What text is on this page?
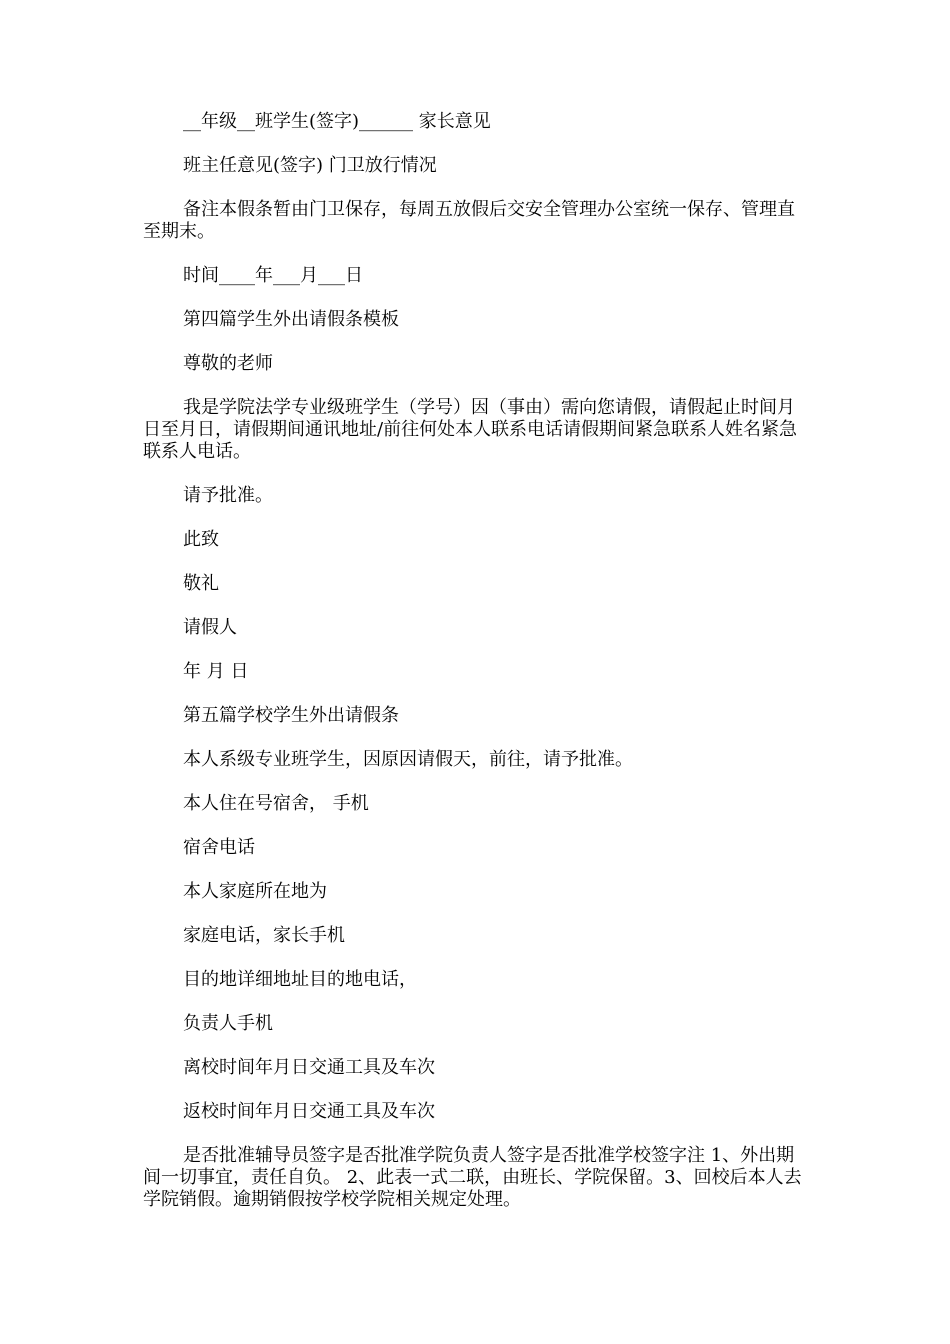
__年级__班学生(签字)______ 家长意见

班主任意见(签字) 门卫放行情况

备注本假条暂由门卫保存，每周五放假后交安全管理办公室统一保存、管理直至期末。

时间____年___月___日

第四篇学生外出请假条模板

尊敬的老师

我是学院法学专业级班学生（学号）因（事由）需向您请假，请假起止时间月日至月日，请假期间通讯地址/前往何处本人联系电话请假期间紧急联系人姓名紧急联系人电话。

请予批准。

此致

敬礼

请假人

年 月 日

第五篇学校学生外出请假条

本人系级专业班学生，因原因请假天，前往，请予批准。

本人住在号宿舍， 手机

宿舍电话

本人家庭所在地为

家庭电话，家长手机

目的地详细地址目的地电话，

负责人手机

离校时间年月日交通工具及车次

返校时间年月日交通工具及车次

是否批准辅导员签字是否批准学院负责人签字是否批准学校签字注 1、外出期间一切事宜，责任自负。 2、此表一式二联，由班长、学院保留。3、回校后本人去学院销假。逾期销假按学校学院相关规定处理。
